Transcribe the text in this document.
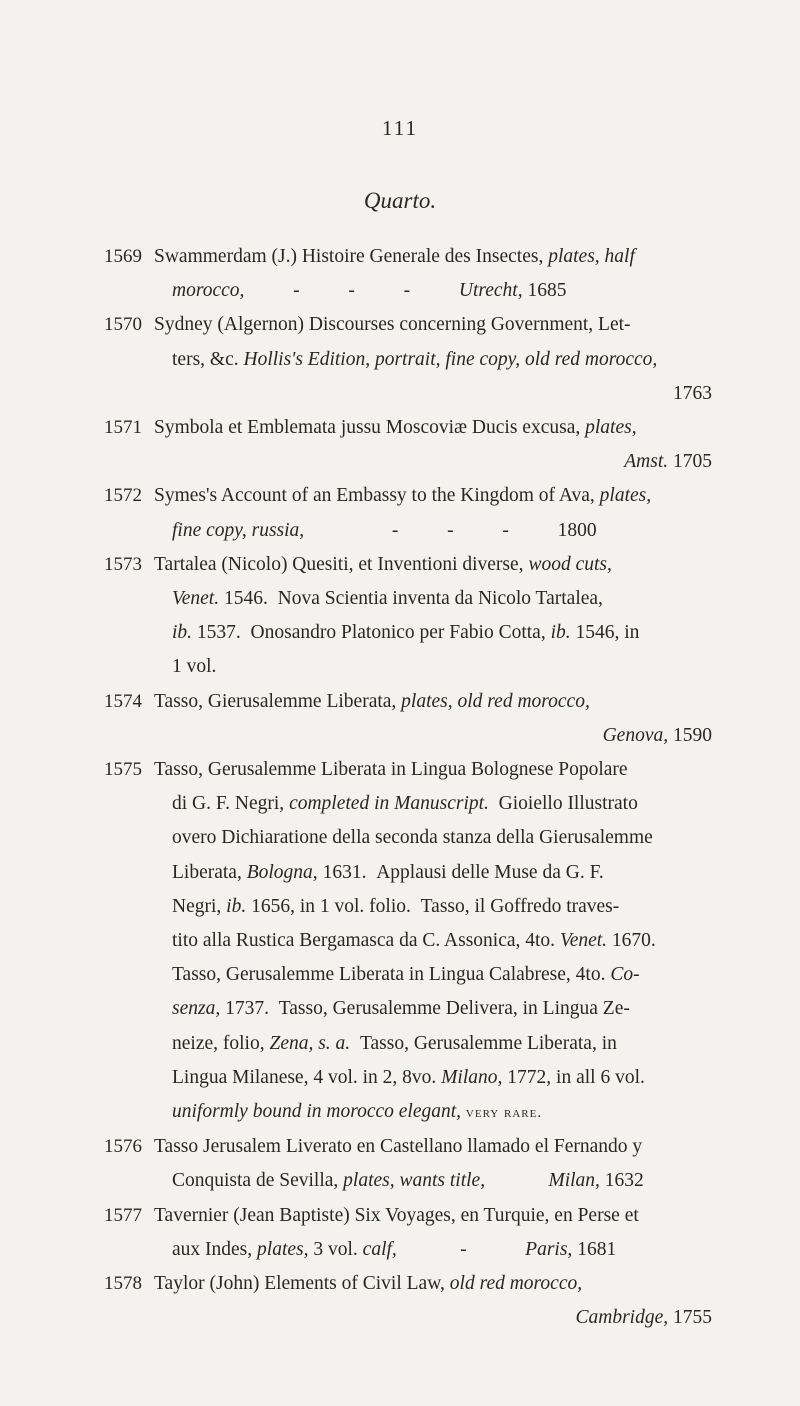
111
Quarto.
1569 Swammerdam (J.) Histoire Generale des Insectes, plates, half
morocco,          -          -          -          Utrecht, 1685
1570 Sydney (Algernon) Discourses concerning Government, Let-
ters, &c. Hollis's Edition, portrait, fine copy, old red morocco,
1763
1571 Symbola et Emblemata jussu Moscoviæ Ducis excusa, plates,
Amst. 1705
1572 Symes's Account of an Embassy to the Kingdom of Ava, plates,
fine copy, russia,                  -          -          -          1800
1573 Tartalea (Nicolo) Quesiti, et Inventioni diverse, wood cuts,
Venet. 1546.  Nova Scientia inventa da Nicolo Tartalea,
ib. 1537.  Onosandro Platonico per Fabio Cotta, ib. 1546, in
1 vol.
1574 Tasso, Gierusalemme Liberata, plates, old red morocco,
Genova, 1590
1575 Tasso, Gerusalemme Liberata in Lingua Bolognese Popolare
di G. F. Negri, completed in Manuscript.  Gioiello Illustrato
overo Dichiaratione della seconda stanza della Gierusalemme
Liberata, Bologna, 1631.  Applausi delle Muse da G. F.
Negri, ib. 1656, in 1 vol. folio.  Tasso, il Goffredo traves-
tito alla Rustica Bergamasca da C. Assonica, 4to. Venet. 1670.
Tasso, Gerusalemme Liberata in Lingua Calabrese, 4to. Co-
senza, 1737.  Tasso, Gerusalemme Delivera, in Lingua Ze-
neize, folio, Zena, s. a.  Tasso, Gerusalemme Liberata, in
Lingua Milanese, 4 vol. in 2, 8vo. Milano, 1772, in all 6 vol.
uniformly bound in morocco elegant, very rare.
1576 Tasso Jerusalem Liverato en Castellano llamado el Fernando y
Conquista de Sevilla, plates, wants title,	Milan, 1632
1577 Tavernier (Jean Baptiste) Six Voyages, en Turquie, en Perse et
aux Indes, plates, 3 vol. calf,             -            Paris, 1681
1578 Taylor (John) Elements of Civil Law, old red morocco,
Cambridge, 1755
